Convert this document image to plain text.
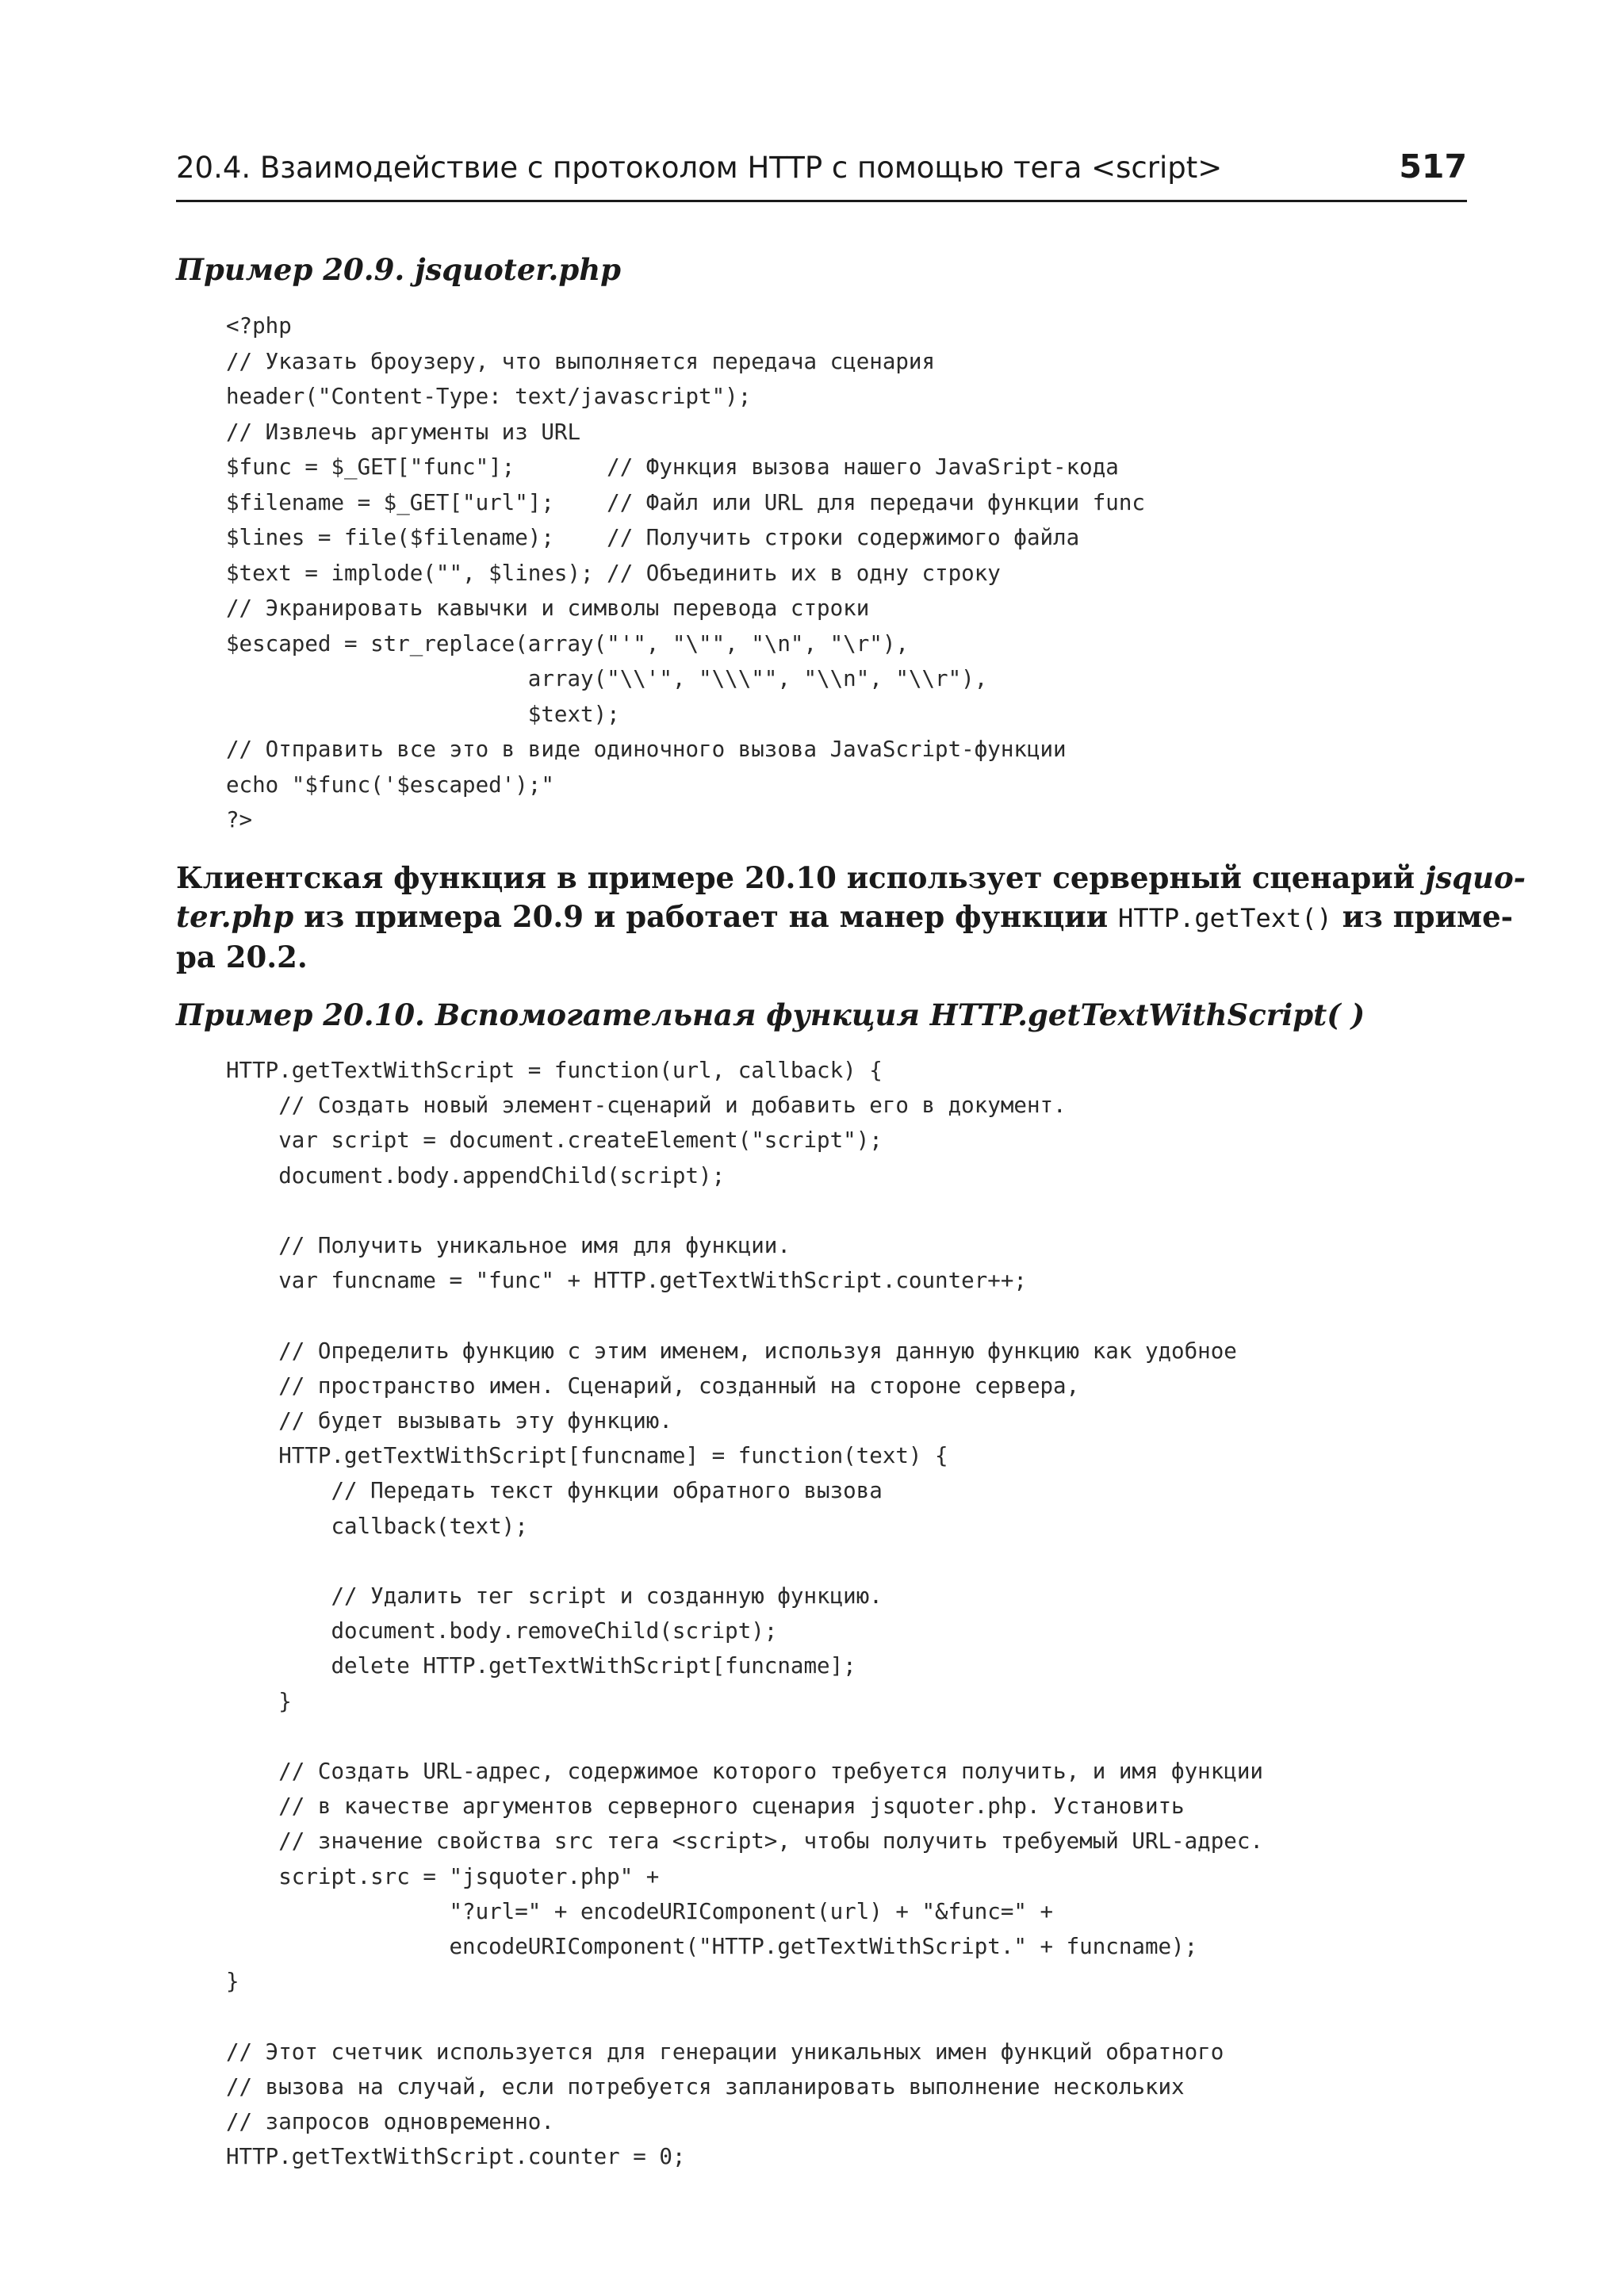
20.4. Взаимодействие с протоколом HTTP с помощью тега <script>	517
Пример 20.9. jsquoter.php
<?php
// Указать броузеру, что выполняется передача сценария
header("Content-Type: text/javascript");
// Извлечь аргументы из URL
$func = $_GET["func"];       // Функция вызова нашего JavaSript-кода
$filename = $_GET["url"];    // Файл или URL для передачи функции func
$lines = file($filename);    // Получить строки содержимого файла
$text = implode("", $lines); // Объединить их в одну строку
// Экранировать кавычки и символы перевода строки
$escaped = str_replace(array("'", "\"", "\n", "\r"),
array("\\'", "\\\"", "\\n", "\\r"),
$text);
// Отправить все это в виде одиночного вызова JavaScript-функции
echo "$func('$escaped');"
?>
Клиентская функция в примере 20.10 использует серверный сценарий jsquo-
ter.php из примера 20.9 и работает на манер функции HTTP.getText() из приме-
ра 20.2.
Пример 20.10. Вспомогательная функция HTTP.getTextWithScript( )
HTTP.getTextWithScript = function(url, callback) {
// Создать новый элемент-сценарий и добавить его в документ.
var script = document.createElement("script");
document.body.appendChild(script);

// Получить уникальное имя для функции.
var funcname = "func" + HTTP.getTextWithScript.counter++;

// Определить функцию с этим именем, используя данную функцию как удобное
// пространство имен. Сценарий, созданный на стороне сервера,
// будет вызывать эту функцию.
HTTP.getTextWithScript[funcname] = function(text) {
// Передать текст функции обратного вызова
callback(text);

// Удалить тег script и созданную функцию.
document.body.removeChild(script);
delete HTTP.getTextWithScript[funcname];
}

// Создать URL-адрес, содержимое которого требуется получить, и имя функции
// в качестве аргументов серверного сценария jsquoter.php. Установить
// значение свойства src тега <script>, чтобы получить требуемый URL-адрес.
script.src = "jsquoter.php" +
"?url=" + encodeURIComponent(url) + "&func=" +
encodeURIComponent("HTTP.getTextWithScript." + funcname);
}

// Этот счетчик используется для генерации уникальных имен функций обратного
// вызова на случай, если потребуется запланировать выполнение нескольких
// запросов одновременно.
HTTP.getTextWithScript.counter = 0;
